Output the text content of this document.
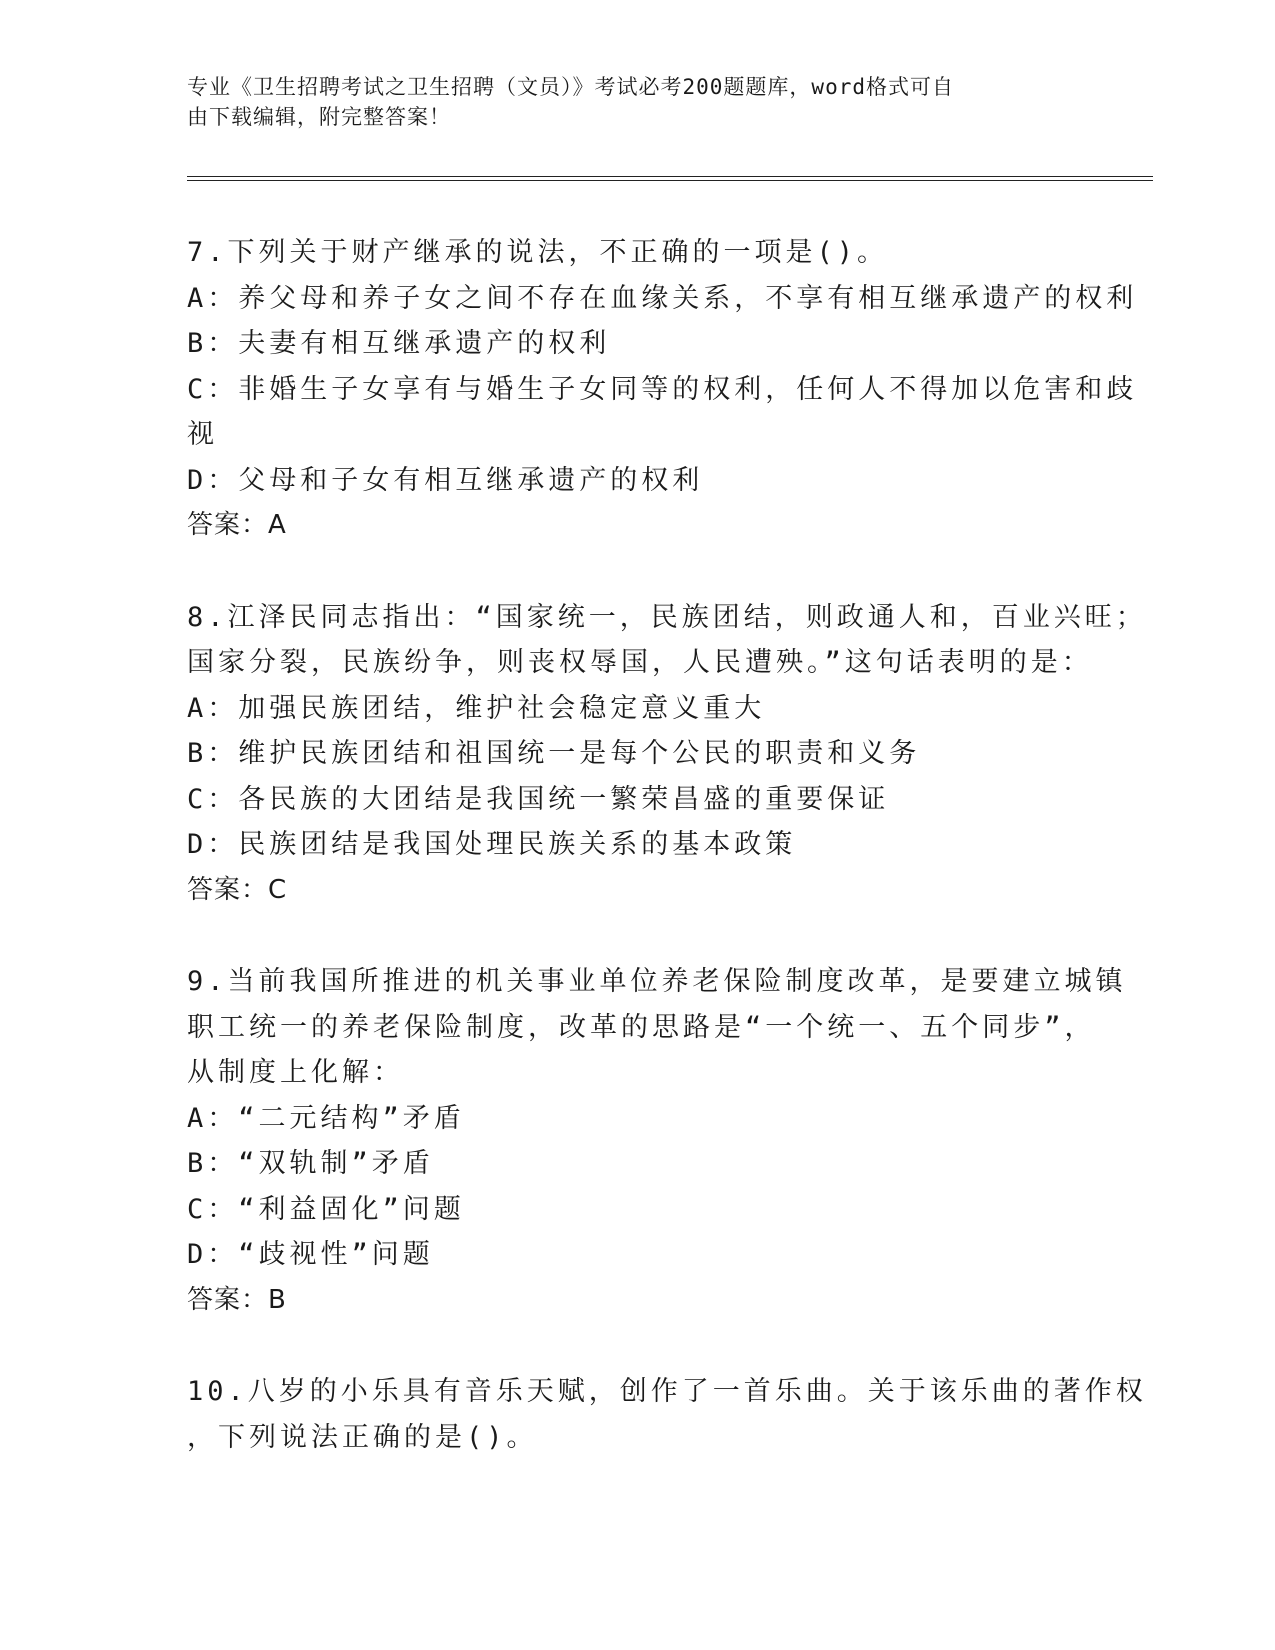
专业《卫生招聘考试之卫生招聘（文员）》考试必考200题题库，word格式可自
由下载编辑，附完整答案！
7.下列关于财产继承的说法，不正确的一项是()。
A：养父母和养子女之间不存在血缘关系，不享有相互继承遗产的权利
B：夫妻有相互继承遗产的权利
C：非婚生子女享有与婚生子女同等的权利，任何人不得加以危害和歧
视
D：父母和子女有相互继承遗产的权利
答案：A
8.江泽民同志指出：“国家统一，民族团结，则政通人和，百业兴旺；
国家分裂，民族纷争，则丧权辱国，人民遭殃。”这句话表明的是：
A：加强民族团结，维护社会稳定意义重大
B：维护民族团结和祖国统一是每个公民的职责和义务
C：各民族的大团结是我国统一繁荣昌盛的重要保证
D：民族团结是我国处理民族关系的基本政策
答案：C
9.当前我国所推进的机关事业单位养老保险制度改革，是要建立城镇
职工统一的养老保险制度，改革的思路是“一个统一、五个同步”，
从制度上化解：
A：“二元结构”矛盾
B：“双轨制”矛盾
C：“利益固化”问题
D：“歧视性”问题
答案：B
10.八岁的小乐具有音乐天赋，创作了一首乐曲。关于该乐曲的著作权
，下列说法正确的是()。
